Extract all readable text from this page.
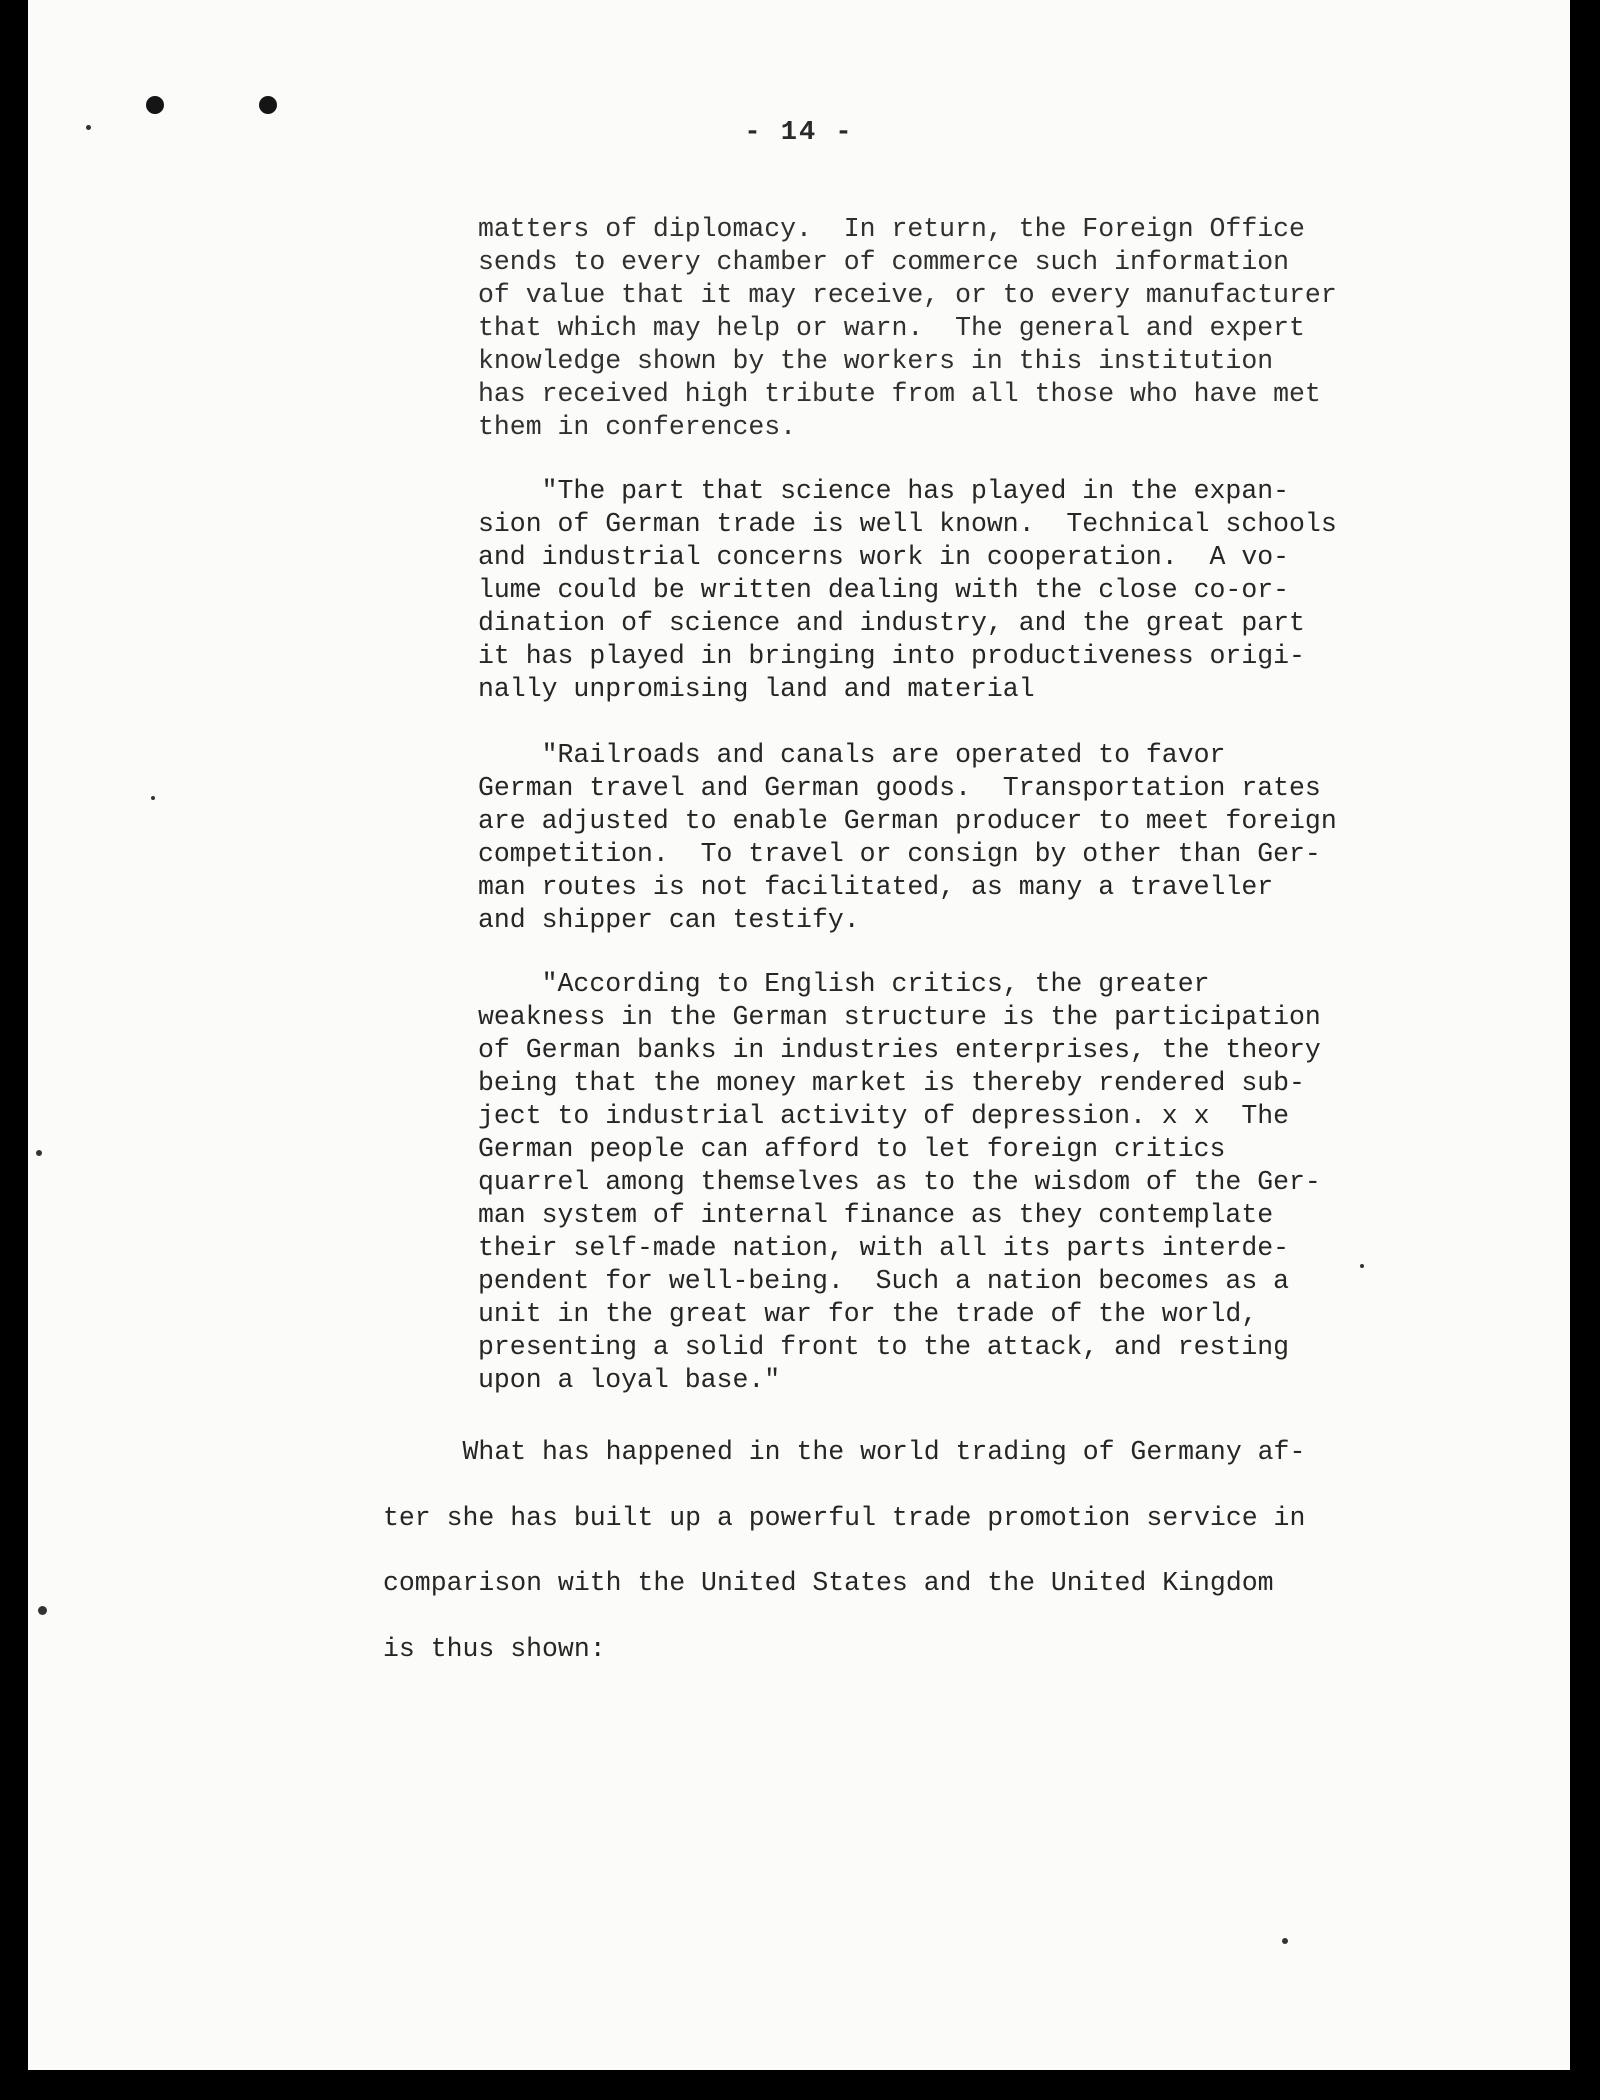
- 14 -

matters of diplomacy.  In return, the Foreign Office
sends to every chamber of commerce such information
of value that it may receive, or to every manufacturer
that which may help or warn.  The general and expert
knowledge shown by the workers in this institution
has received high tribute from all those who have met
them in conferences.

"The part that science has played in the expan-
sion of German trade is well known.  Technical schools
and industrial concerns work in cooperation.  A vo-
lume could be written dealing with the close co-or-
dination of science and industry, and the great part
it has played in bringing into productiveness origi-
nally unpromising land and material

"Railroads and canals are operated to favor
German travel and German goods.  Transportation rates
are adjusted to enable German producer to meet foreign
competition.  To travel or consign by other than Ger-
man routes is not facilitated, as many a traveller
and shipper can testify.

"According to English critics, the greater
weakness in the German structure is the participation
of German banks in industries enterprises, the theory
being that the money market is thereby rendered sub-
ject to industrial activity of depression. x x  The
German people can afford to let foreign critics
quarrel among themselves as to the wisdom of the Ger-
man system of internal finance as they contemplate
their self-made nation, with all its parts interde-
pendent for well-being.  Such a nation becomes as a
unit in the great war for the trade of the world,
presenting a solid front to the attack, and resting
upon a loyal base."

What has happened in the world trading of Germany af-
ter she has built up a powerful trade promotion service in
comparison with the United States and the United Kingdom
is thus shown:
